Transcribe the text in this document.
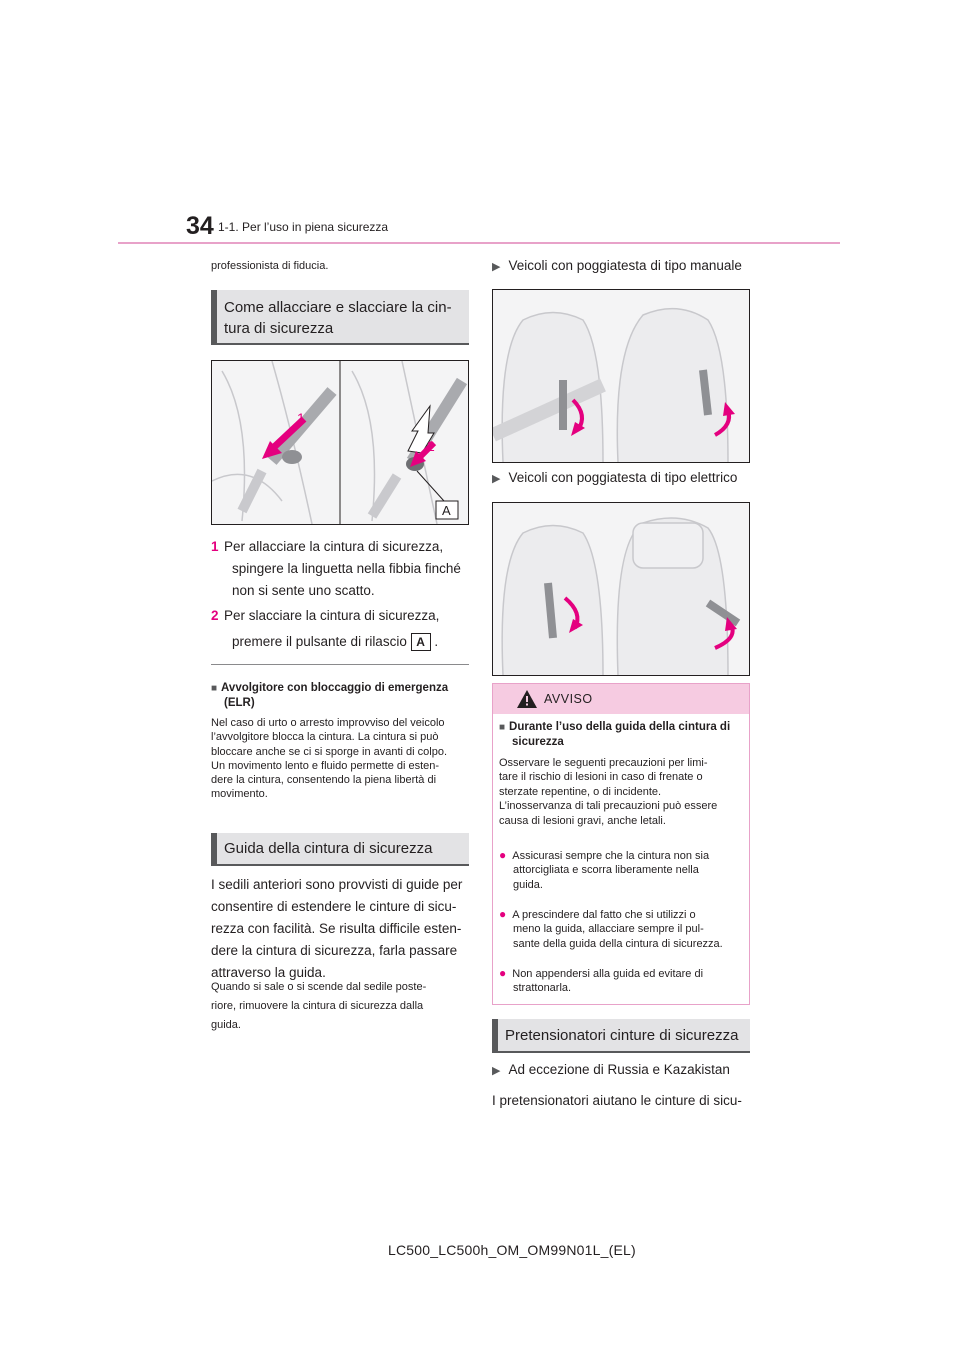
34 1-1. Per l’uso in piena sicurezza
professionista di fiducia.
Come allacciare e slacciare la cin-
tura di sicurezza
1
2
A
1 Per allacciare la cintura di sicurezza,
spingere la linguetta nella fibbia finché
non si sente uno scatto.
2 Per slacciare la cintura di sicurezza,
premere il pulsante di rilascio A .
■ Avvolgitore con bloccaggio di emergenza
(ELR)
Nel caso di urto o arresto improvviso del veicolo
l’avvolgitore blocca la cintura. La cintura si può
bloccare anche se ci si sporge in avanti di colpo.
Un movimento lento e fluido permette di esten-
dere la cintura, consentendo la piena libertà di
movimento.
Guida della cintura di sicurezza
I sedili anteriori sono provvisti di guide per
consentire di estendere le cinture di sicu-
rezza con facilità. Se risulta difficile esten-
dere la cintura di sicurezza, farla passare
attraverso la guida.
Quando si sale o si scende dal sedile poste-
riore, rimuovere la cintura di sicurezza dalla
guida.
▶ Veicoli con poggiatesta di tipo manuale
▶ Veicoli con poggiatesta di tipo elettrico
AVVISO
■ Durante l’uso della guida della cintura di
sicurezza
Osservare le seguenti precauzioni per limi-
tare il rischio di lesioni in caso di frenate o
sterzate repentine, o di incidente.
L’inosservanza di tali precauzioni può essere
causa di lesioni gravi, anche letali.
● Assicurasi sempre che la cintura non sia
attorcigliata e scorra liberamente nella
guida.
● A prescindere dal fatto che si utilizzi o
meno la guida, allacciare sempre il pul-
sante della guida della cintura di sicurezza.
● Non appendersi alla guida ed evitare di
strattonarla.
Pretensionatori cinture di sicurezza
▶ Ad eccezione di Russia e Kazakistan
I pretensionatori aiutano le cinture di sicu-
LC500_LC500h_OM_OM99N01L_(EL)
